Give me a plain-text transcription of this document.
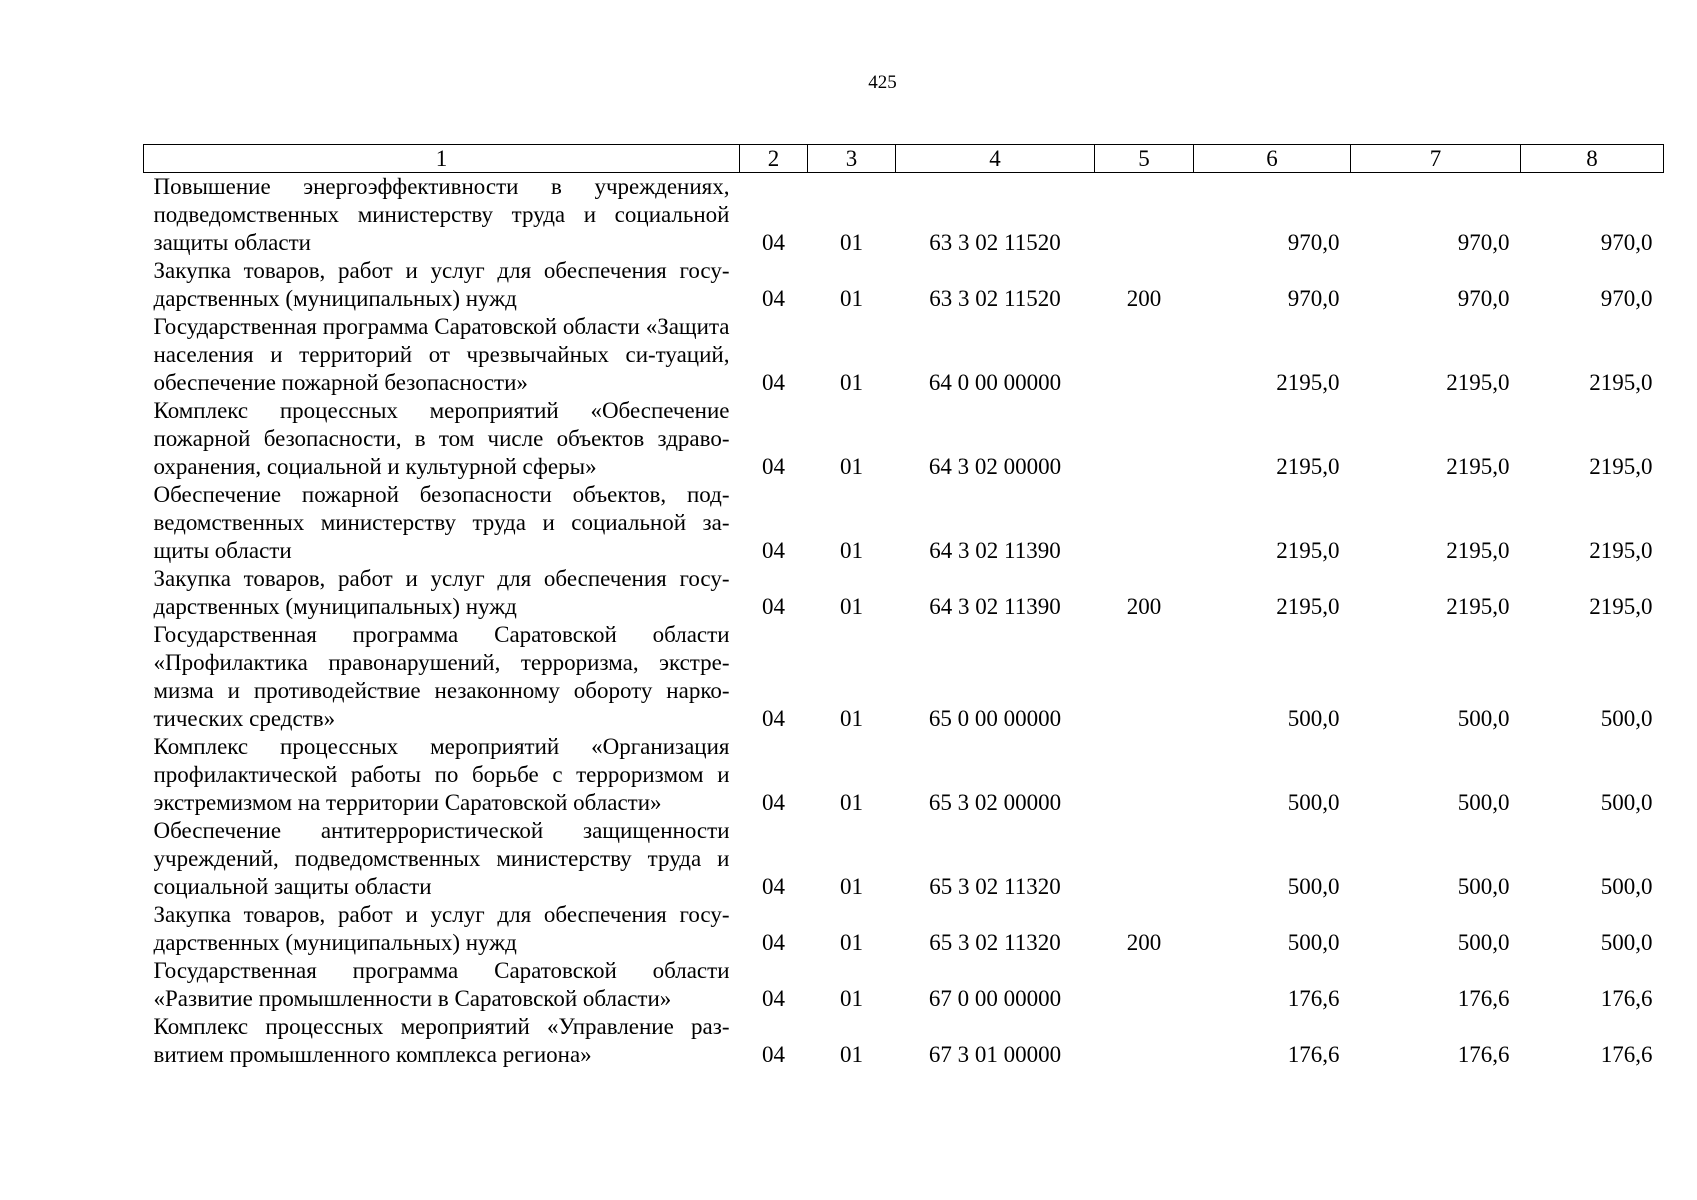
425
1	2	3	4	5	6	7	8
Повышение энергоэффективности в учреждениях, подведомственных министерству труда и социальной защиты области	04	01	63 3 02 11520		970,0	970,0	970,0
Закупка товаров, работ и услуг для обеспечения госу-дарственных (муниципальных) нужд	04	01	63 3 02 11520	200	970,0	970,0	970,0
Государственная программа Саратовской области «Защита населения и территорий от чрезвычайных си-туаций, обеспечение пожарной безопасности»	04	01	64 0 00 00000		2195,0	2195,0	2195,0
Комплекс процессных мероприятий «Обеспечение пожарной безопасности, в том числе объектов здраво-охранения, социальной и культурной сферы»	04	01	64 3 02 00000		2195,0	2195,0	2195,0
Обеспечение пожарной безопасности объектов, под-ведомственных министерству труда и социальной за-щиты области	04	01	64 3 02 11390		2195,0	2195,0	2195,0
Закупка товаров, работ и услуг для обеспечения госу-дарственных (муниципальных) нужд	04	01	64 3 02 11390	200	2195,0	2195,0	2195,0
Государственная программа Саратовской области «Профилактика правонарушений, терроризма, экстре-мизма и противодействие незаконному обороту нарко-тических средств»	04	01	65 0 00 00000		500,0	500,0	500,0
Комплекс процессных мероприятий «Организация профилактической работы по борьбе с терроризмом и экстремизмом на территории Саратовской области»	04	01	65 3 02 00000		500,0	500,0	500,0
Обеспечение антитеррористической защищенности учреждений, подведомственных министерству труда и социальной защиты области	04	01	65 3 02 11320		500,0	500,0	500,0
Закупка товаров, работ и услуг для обеспечения госу-дарственных (муниципальных) нужд	04	01	65 3 02 11320	200	500,0	500,0	500,0
Государственная программа Саратовской области «Развитие промышленности в Саратовской области»	04	01	67 0 00 00000		176,6	176,6	176,6
Комплекс процессных мероприятий «Управление раз-витием промышленного комплекса региона»	04	01	67 3 01 00000		176,6	176,6	176,6
